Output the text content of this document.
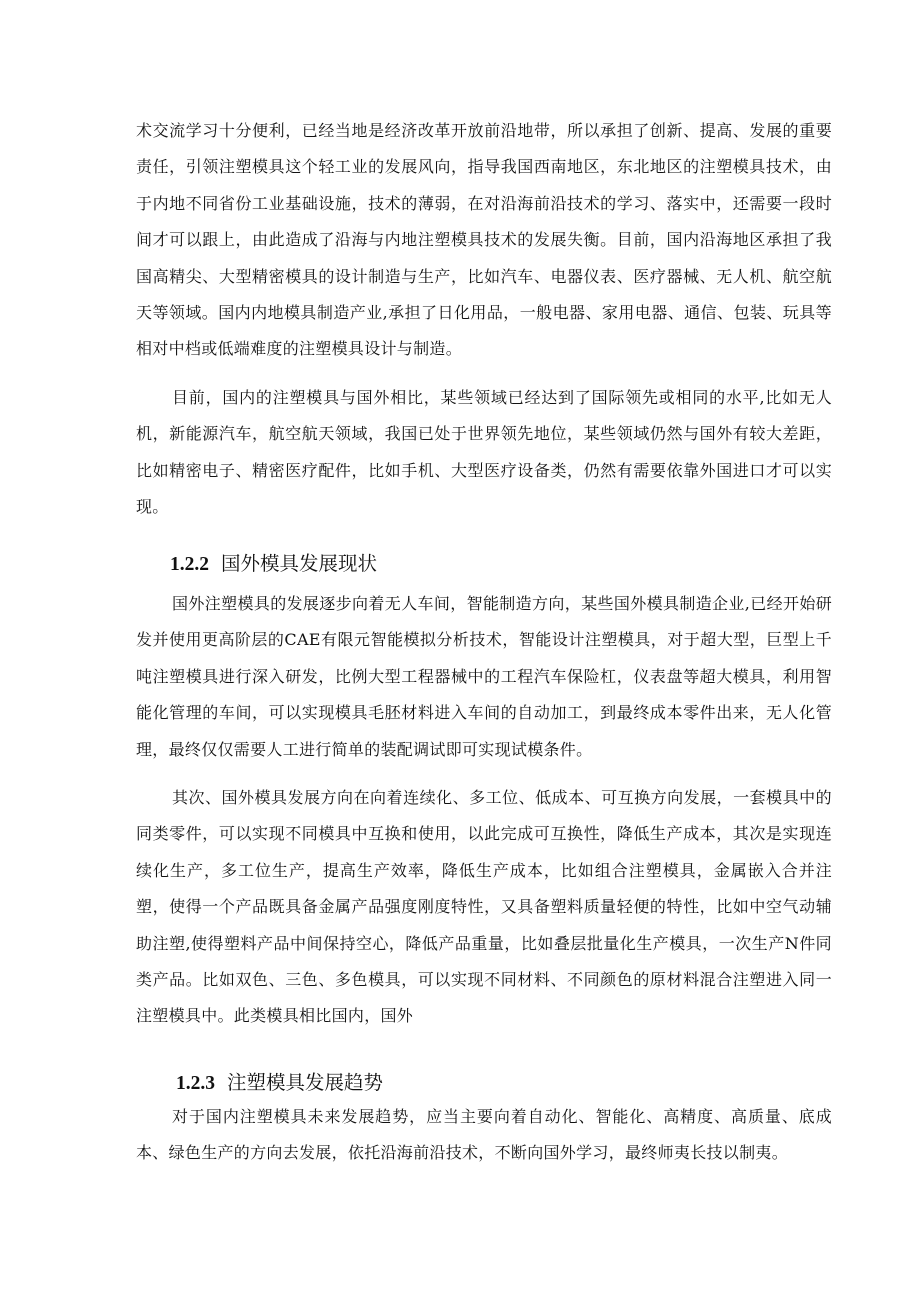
术交流学习十分便利，已经当地是经济改革开放前沿地带，所以承担了创新、提高、发展的重要责任，引领注塑模具这个轻工业的发展风向，指导我国西南地区，东北地区的注塑模具技术，由于内地不同省份工业基础设施，技术的薄弱，在对沿海前沿技术的学习、落实中，还需要一段时间才可以跟上，由此造成了沿海与内地注塑模具技术的发展失衡。目前，国内沿海地区承担了我国高精尖、大型精密模具的设计制造与生产，比如汽车、电器仪表、医疗器械、无人机、航空航天等领域。国内内地模具制造产业,承担了日化用品，一般电器、家用电器、通信、包装、玩具等相对中档或低端难度的注塑模具设计与制造。

目前，国内的注塑模具与国外相比，某些领域已经达到了国际领先或相同的水平,比如无人机，新能源汽车，航空航天领域，我国已处于世界领先地位，某些领域仍然与国外有较大差距，比如精密电子、精密医疗配件，比如手机、大型医疗设备类，仍然有需要依靠外国进口才可以实现。

1.2.2 国外模具发展现状

国外注塑模具的发展逐步向着无人车间，智能制造方向，某些国外模具制造企业,已经开始研发并使用更高阶层的CAE有限元智能模拟分析技术，智能设计注塑模具，对于超大型，巨型上千吨注塑模具进行深入研发，比例大型工程器械中的工程汽车保险杠，仪表盘等超大模具，利用智能化管理的车间，可以实现模具毛胚材料进入车间的自动加工，到最终成本零件出来，无人化管理，最终仅仅需要人工进行简单的装配调试即可实现试模条件。

其次、国外模具发展方向在向着连续化、多工位、低成本、可互换方向发展，一套模具中的同类零件，可以实现不同模具中互换和使用，以此完成可互换性，降低生产成本，其次是实现连续化生产，多工位生产，提高生产效率，降低生产成本，比如组合注塑模具，金属嵌入合并注塑，使得一个产品既具备金属产品强度刚度特性，又具备塑料质量轻便的特性，比如中空气动辅助注塑,使得塑料产品中间保持空心，降低产品重量，比如叠层批量化生产模具，一次生产N件同类产品。比如双色、三色、多色模具，可以实现不同材料、不同颜色的原材料混合注塑进入同一注塑模具中。此类模具相比国内，国外

1.2.3 注塑模具发展趋势

对于国内注塑模具未来发展趋势，应当主要向着自动化、智能化、高精度、高质量、底成本、绿色生产的方向去发展，依托沿海前沿技术，不断向国外学习，最终师夷长技以制夷。
